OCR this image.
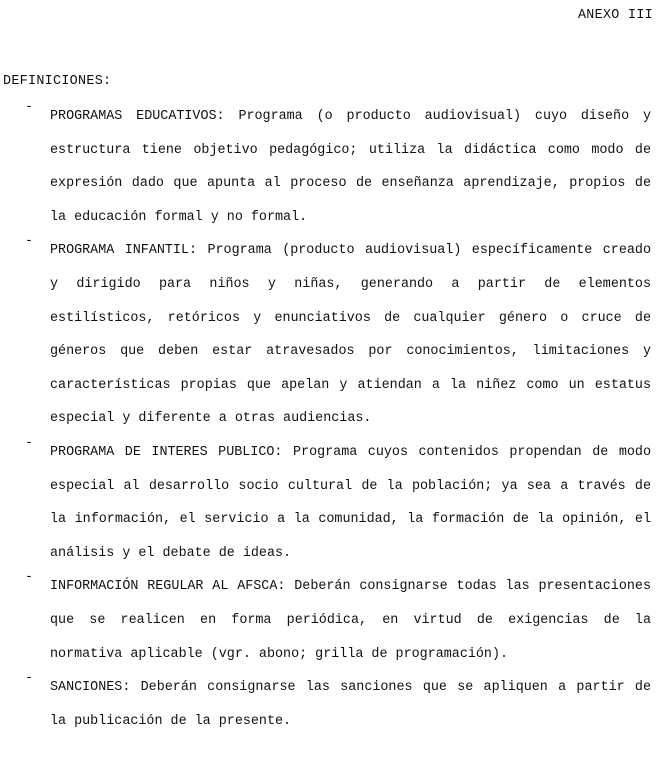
ANEXO III
DEFINICIONES:
-
PROGRAMAS EDUCATIVOS: Programa (o producto audiovisual) cuyo diseño y estructura tiene objetivo pedagógico; utiliza la didáctica como modo de expresión dado que apunta al proceso de enseñanza aprendizaje, propios de la educación formal y no formal.
-
PROGRAMA INFANTIL: Programa (producto audiovisual) específicamente creado y dirigido para niños y niñas, generando a partir de elementos estilísticos, retóricos y enunciativos de cualquier género o cruce de géneros que deben estar atravesados por conocimientos, limitaciones y características propias que apelan y atiendan a la niñez como un estatus especial y diferente a otras audiencias.
-
PROGRAMA DE INTERES PUBLICO: Programa cuyos contenidos propendan de modo especial al desarrollo socio cultural de la población; ya sea a través de la información, el servicio a la comunidad, la formación de la opinión, el análisis y el debate de ideas.
-
INFORMACIÓN REGULAR AL AFSCA: Deberán consignarse todas las presentaciones que se realicen en forma periódica, en virtud de exigencias de la normativa aplicable (vgr. abono; grilla de programación).
-
SANCIONES: Deberán consignarse las sanciones que se apliquen a partir de la publicación de la presente.
